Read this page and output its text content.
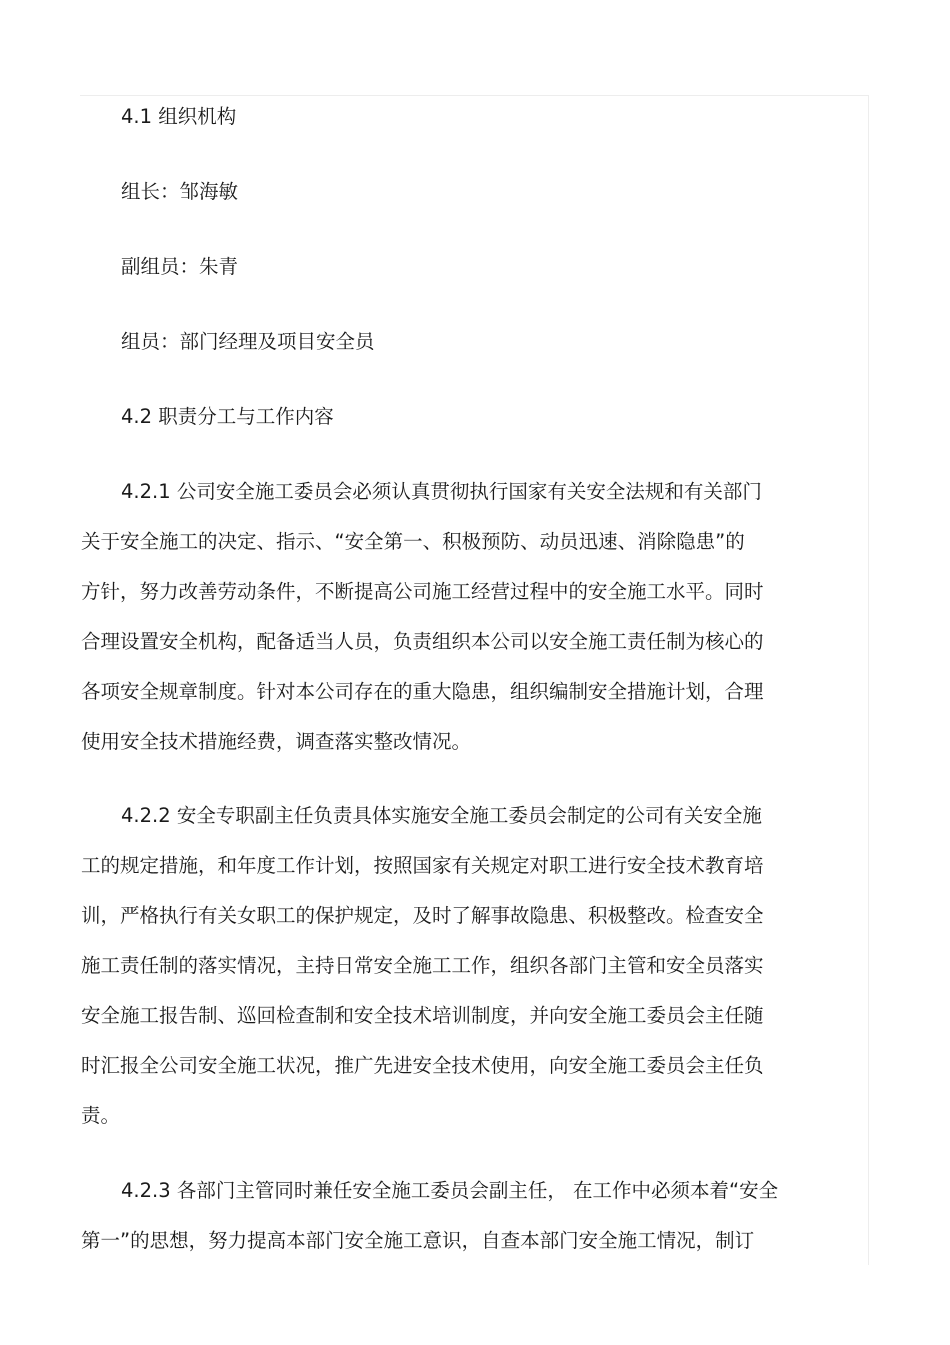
4.1 组织机构
组长：邹海敏
副组员：朱青
组员：部门经理及项目安全员
4.2 职责分工与工作内容
4.2.1 公司安全施工委员会必须认真贯彻执行国家有关安全法规和有关部门
关于安全施工的决定、指示、“安全第一、积极预防、动员迅速、消除隐患”的
方针，努力改善劳动条件，不断提高公司施工经营过程中的安全施工水平。同时
合理设置安全机构，配备适当人员，负责组织本公司以安全施工责任制为核心的
各项安全规章制度。针对本公司存在的重大隐患，组织编制安全措施计划，合理
使用安全技术措施经费，调查落实整改情况。
4.2.2 安全专职副主任负责具体实施安全施工委员会制定的公司有关安全施
工的规定措施，和年度工作计划，按照国家有关规定对职工进行安全技术教育培
训，严格执行有关女职工的保护规定，及时了解事故隐患、积极整改。检查安全
施工责任制的落实情况，主持日常安全施工工作，组织各部门主管和安全员落实
安全施工报告制、巡回检查制和安全技术培训制度，并向安全施工委员会主任随
时汇报全公司安全施工状况，推广先进安全技术使用，向安全施工委员会主任负
责。
4.2.3 各部门主管同时兼任安全施工委员会副主任， 在工作中必须本着“安全
第一”的思想，努力提高本部门安全施工意识，自查本部门安全施工情况，制订
